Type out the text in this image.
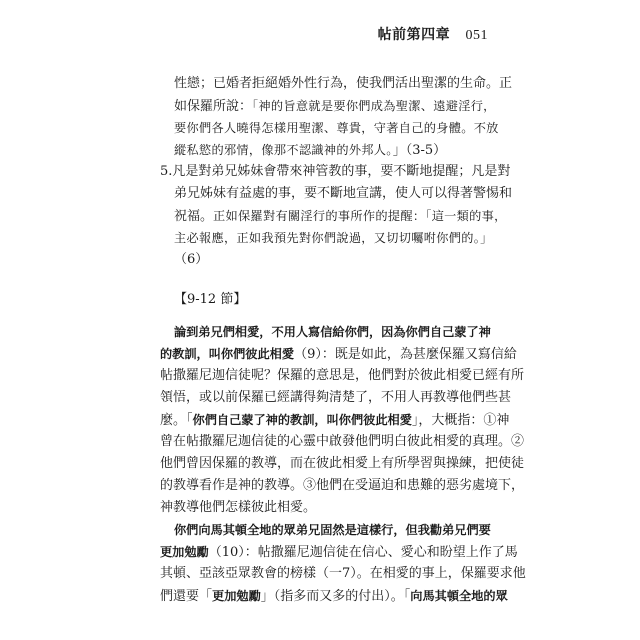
帖前第四章 051
性戀；已婚者拒絕婚外性行為，使我們活出聖潔的生命。正
如保羅所說：「神的旨意就是要你們成為聖潔、遠避淫行，
要你們各人曉得怎樣用聖潔、尊貴，守著自己的身體。不放
縱私慾的邪情，像那不認識神的外邦人。」（3-5）
5.凡是對弟兄姊妹會帶來神管教的事，要不斷地提醒；凡是對
弟兄姊妹有益處的事，要不斷地宣講，使人可以得著警惕和
祝福。正如保羅對有關淫行的事所作的提醒：「這一類的事，
主必報應，正如我預先對你們說過，又切切囑咐你們的。」
（6）
【9-12 節】
論到弟兄們相愛，不用人寫信給你們，因為你們自己蒙了神
的教訓，叫你們彼此相愛（9）：既是如此，為甚麼保羅又寫信給
帖撒羅尼迦信徒呢？保羅的意思是，他們對於彼此相愛已經有所
領悟，或以前保羅已經講得夠清楚了，不用人再教導他們些甚
麼。「你們自己蒙了神的教訓，叫你們彼此相愛」，大概指：①神
曾在帖撒羅尼迦信徒的心靈中啟發他們明白彼此相愛的真理。②
他們曾因保羅的教導，而在彼此相愛上有所學習與操練，把使徒
的教導看作是神的教導。③他們在受逼迫和患難的惡劣處境下，
神教導他們怎樣彼此相愛。
你們向馬其頓全地的眾弟兄固然是這樣行，但我勸弟兄們要
更加勉勵（10）：帖撒羅尼迦信徒在信心、愛心和盼望上作了馬
其頓、亞該亞眾教會的榜樣（一7）。在相愛的事上，保羅要求他
們還要「更加勉勵」（指多而又多的付出）。「向馬其頓全地的眾
